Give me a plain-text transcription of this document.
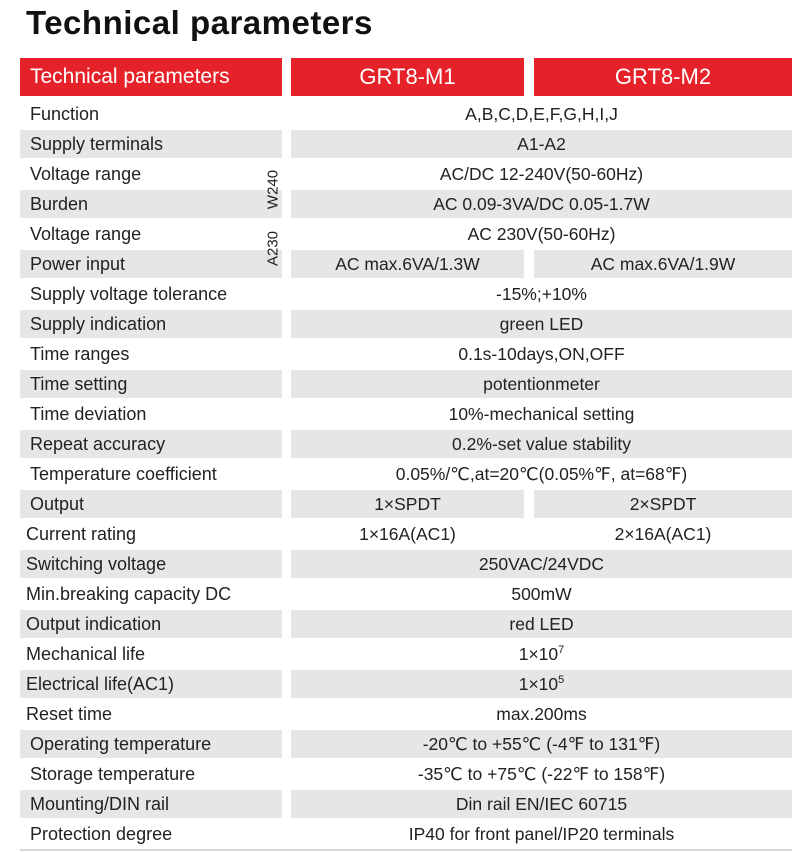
Technical parameters
Technical parameters	GRT8-M1	GRT8-M2
Function	A,B,C,D,E,F,G,H,I,J
Supply terminals	A1-A2
Voltage range	AC/DC 12-240V(50-60Hz)
Burden	AC 0.09-3VA/DC 0.05-1.7W
Voltage range	AC 230V(50-60Hz)
Power input	AC max.6VA/1.3W	AC max.6VA/1.9W
Supply voltage tolerance	-15%;+10%
Supply indication	green LED
Time ranges	0.1s-10days,ON,OFF
Time setting	potentionmeter
Time deviation	10%-mechanical setting
Repeat accuracy	0.2%-set value stability
Temperature coefficient	0.05%/℃,at=20℃(0.05%℉, at=68℉)
Output	1×SPDT	2×SPDT
Current rating	1×16A(AC1)	2×16A(AC1)
Switching voltage	250VAC/24VDC
Min.breaking capacity DC	500mW
Output indication	red LED
Mechanical life	$1\times 10^7$
Electrical life(AC1)	$1\times 10^5$
Reset time	max.200ms
Operating temperature	-20℃ to +55℃ (-4℉ to 131℉)
Storage temperature	-35℃ to +75℃ (-22℉ to 158℉)
Mounting/DIN rail	Din rail EN/IEC 60715
Protection degree	IP40 for front panel/IP20 terminals
W240
A230
